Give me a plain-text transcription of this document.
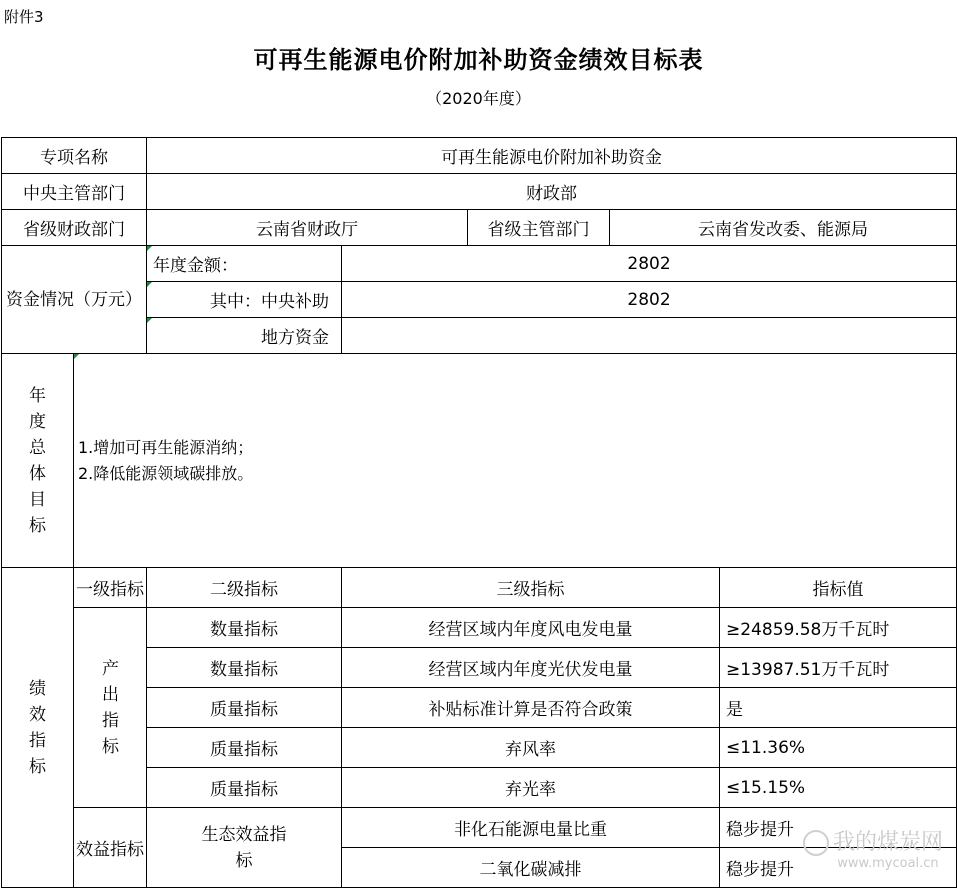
附件3
可再生能源电价附加补助资金绩效目标表
（2020年度）
专项名称		可再生能源电价附加补助资金				
中央主管部门		财政部				
省级财政部门		云南省财政厅		省级主管部门	云南省发改委、能源局	
资金情况（万元）		年度金额：	2802			
		其中：中央补助	2802			
		地方资金				
年度总体目标	1.增加可再生能源消纳；
2.降低能源领域碳排放。					

绩效指标	一级指标	二级指标	三级指标			指标值
	产出指标	数量指标	经营区域内年度风电发电量			≥24859.58万千瓦时
		数量指标	经营区域内年度光伏发电量			≥13987.51万千瓦时
		质量指标	补贴标准计算是否符合政策			是
		质量指标	弃风率			≤11.36%
		质量指标	弃光率			≤15.15%
	效益指标	生态效益指标	非化石能源电量比重			稳步提升
			二氧化碳减排			稳步提升
我的煤炭网
www.mycoal.cn
